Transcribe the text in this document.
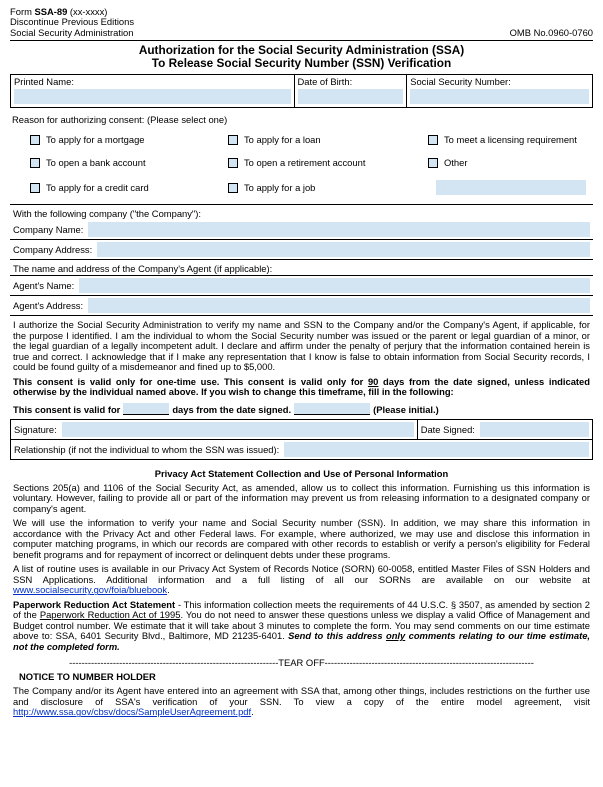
Form SSA-89 (xx-xxxx)
Discontinue Previous Editions
Social Security Administration	OMB No.0960-0760
Authorization for the Social Security Administration (SSA)
To Release Social Security Number (SSN) Verification
Printed Name:	Date of Birth:	Social Security Number:
Reason for authorizing consent: (Please select one)
To apply for a mortgage	To apply for a loan	To meet a licensing requirement
To open a bank account	To open a retirement account	Other
To apply for a credit card	To apply for a job
With the following company ("the Company"):
Company Name:
Company Address:
The name and address of the Company's Agent (if applicable):
Agent's Name:
Agent's Address:

I authorize the Social Security Administration to verify my name and SSN to the Company and/or the Company's Agent, if applicable, for the purpose I identified. I am the individual to whom the Social Security number was issued or the parent or legal guardian of a minor, or the legal guardian of a legally incompetent adult. I declare and affirm under the penalty of perjury that the information contained herein is true and correct. I acknowledge that if I make any representation that I know is false to obtain information from Social Security records, I could be found guilty of a misdemeanor and fined up to $5,000.

This consent is valid only for one-time use. This consent is valid only for 90 days from the date signed, unless indicated otherwise by the individual named above. If you wish to change this timeframe, fill in the following:

This consent is valid for	days from the date signed.	(Please initial.)
Signature:	Date Signed:
Relationship (if not the individual to whom the SSN was issued):
Privacy Act Statement Collection and Use of Personal Information

Sections 205(a) and 1106 of the Social Security Act, as amended, allow us to collect this information. Furnishing us this information is voluntary. However, failing to provide all or part of the information may prevent us from releasing information to a designated company or company's agent.

We will use the information to verify your name and Social Security number (SSN). In addition, we may share this information in accordance with the Privacy Act and other Federal laws. For example, where authorized, we may use and disclose this information in computer matching programs, in which our records are compared with other records to establish or verify a person's eligibility for Federal benefit programs and for repayment of incorrect or delinquent debts under these programs.

A list of routine uses is available in our Privacy Act System of Records Notice (SORN) 60-0058, entitled Master Files of SSN Holders and SSN Applications. Additional information and a full listing of all our SORNs are available on our website at www.socialsecurity.gov/foia/bluebook.

Paperwork Reduction Act Statement - This information collection meets the requirements of 44 U.S.C. § 3507, as amended by section 2 of the Paperwork Reduction Act of 1995. You do not need to answer these questions unless we display a valid Office of Management and Budget control number. We estimate that it will take about 3 minutes to complete the form. You may send comments on our time estimate above to: SSA, 6401 Security Blvd., Baltimore, MD 21235-6401. Send to this address only comments relating to our time estimate, not the completed form.

-------------------------------------------------------------------TEAR OFF-------------------------------------------------------------------
NOTICE TO NUMBER HOLDER

The Company and/or its Agent have entered into an agreement with SSA that, among other things, includes restrictions on the further use and disclosure of SSA's verification of your SSN. To view a copy of the entire model agreement, visit http://www.ssa.gov/cbsv/docs/SampleUserAgreement.pdf.
